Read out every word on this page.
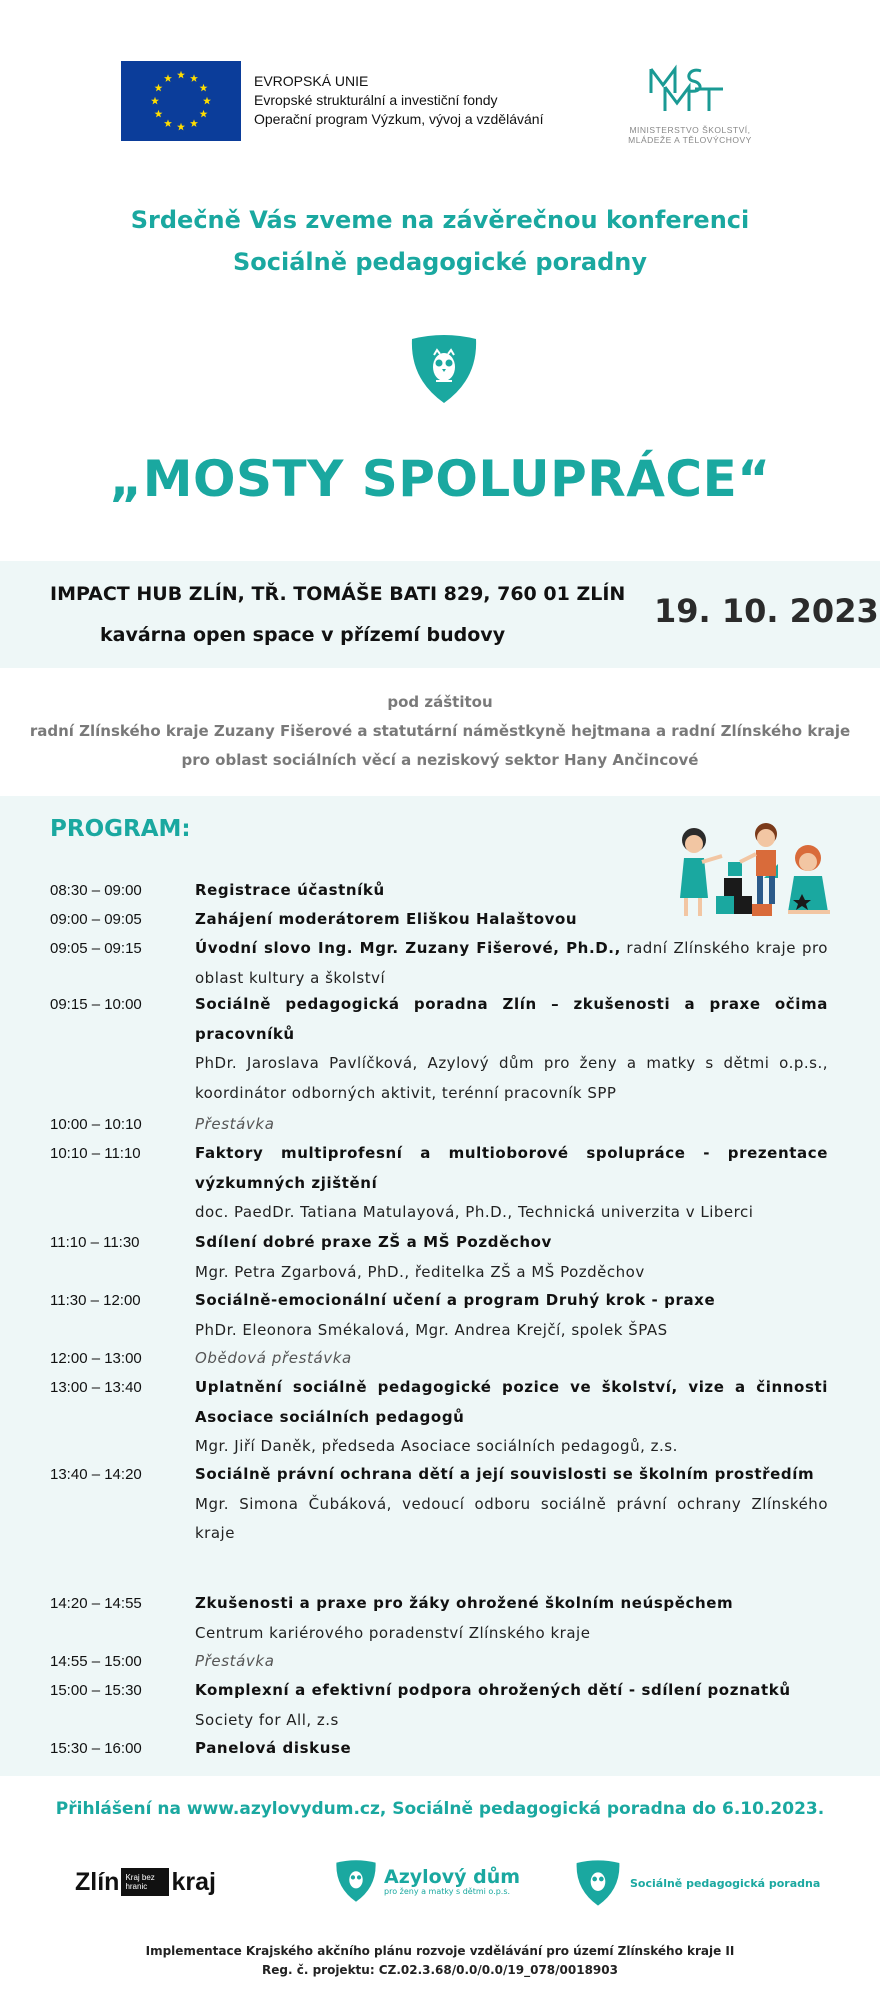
EVROPSKÁ UNIE
Evropské strukturální a investiční fondy
Operační program Výzkum, vývoj a vzdělávání
MINISTERSTVO ŠKOLSTVÍ,
MLÁDEŽE A TĚLOVÝCHOVY
Srdečně Vás zveme na závěrečnou konferenci
Sociálně pedagogické poradny
„MOSTY SPOLUPRÁCE“
IMPACT HUB ZLÍN, TŘ. TOMÁŠE BATI 829, 760 01 ZLÍN
kavárna open space v přízemí budovy
19. 10. 2023
pod záštitou
radní Zlínského kraje Zuzany Fišerové a statutární náměstkyně hejtmana a radní Zlínského kraje
pro oblast sociálních věcí a neziskový sektor Hany Ančincové
PROGRAM:
08:30 – 09:00	Registrace účastníků
09:00 – 09:05	Zahájení moderátorem Eliškou Halaštovou
09:05 – 09:15	Úvodní slovo Ing. Mgr. Zuzany Fišerové, Ph.D., radní Zlínského kraje pro oblast kultury a školství
09:15 – 10:00	Sociálně pedagogická poradna Zlín – zkušenosti a praxe očima pracovníků
PhDr. Jaroslava Pavlíčková, Azylový dům pro ženy a matky s dětmi o.p.s., koordinátor odborných aktivit, terénní pracovník SPP
10:00 – 10:10	Přestávka
10:10 – 11:10	Faktory multiprofesní a multioborové spolupráce - prezentace výzkumných zjištění
doc. PaedDr. Tatiana Matulayová, Ph.D., Technická univerzita v Liberci
11:10 – 11:30	Sdílení dobré praxe ZŠ a MŠ Pozděchov
Mgr. Petra Zgarbová, PhD., ředitelka ZŠ a MŠ Pozděchov
11:30 – 12:00	Sociálně-emocionální učení a program Druhý krok - praxe
PhDr. Eleonora Smékalová, Mgr. Andrea Krejčí, spolek ŠPAS
12:00 – 13:00	Obědová přestávka
13:00 – 13:40	Uplatnění sociálně pedagogické pozice ve školství, vize a činnosti Asociace sociálních pedagogů
Mgr. Jiří Daněk, předseda Asociace sociálních pedagogů, z.s.
13:40 – 14:20	Sociálně právní ochrana dětí a její souvislosti se školním prostředím
Mgr. Simona Čubáková, vedoucí odboru sociálně právní ochrany Zlínského kraje
14:20 – 14:55	Zkušenosti a praxe pro žáky ohrožené školním neúspěchem
Centrum kariérového poradenství Zlínského kraje
14:55 – 15:00	Přestávka
15:00 – 15:30	Komplexní a efektivní podpora ohrožených dětí - sdílení poznatků
Society for All, z.s
15:30 – 16:00	Panelová diskuse
Přihlášení na www.azylovydum.cz, Sociálně pedagogická poradna do 6.10.2023.
Zlín Kraj bez hranic kraj	Azylový dům
pro ženy a matky s dětmi o.p.s.
Sociálně pedagogická poradna
Implementace Krajského akčního plánu rozvoje vzdělávání pro území Zlínského kraje II
Reg. č. projektu: CZ.02.3.68/0.0/0.0/19_078/0018903
